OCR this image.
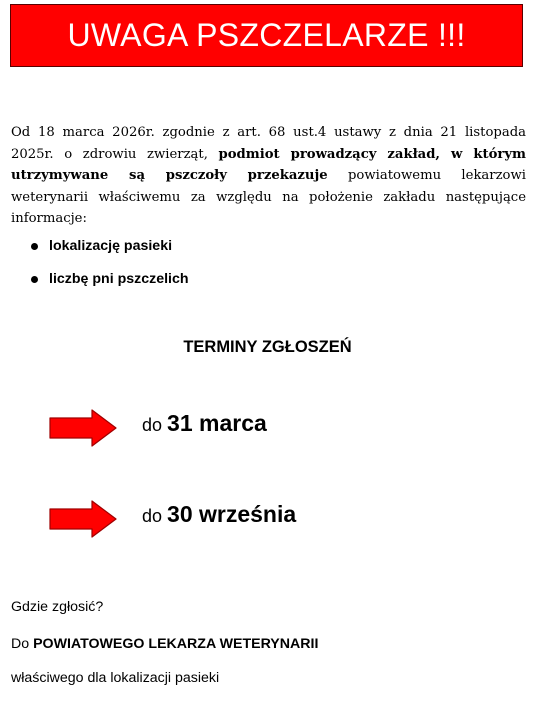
UWAGA PSZCZELARZE !!!

Od 18 marca 2026r. zgodnie z art. 68 ust.4 ustawy z dnia 21 listopada 2025r. o zdrowiu zwierząt, podmiot prowadzący zakład, w którym utrzymywane są pszczoły przekazuje powiatowemu lekarzowi weterynarii właściwemu za względu na położenie zakładu następujące informacje:

lokalizację pasieki
liczbę pni pszczelich
TERMINY ZGŁOSZEŃ
do 31 marca
do 30 września
Gdzie zgłosić?
Do POWIATOWEGO LEKARZA WETERYNARII
właściwego dla lokalizacji pasieki
